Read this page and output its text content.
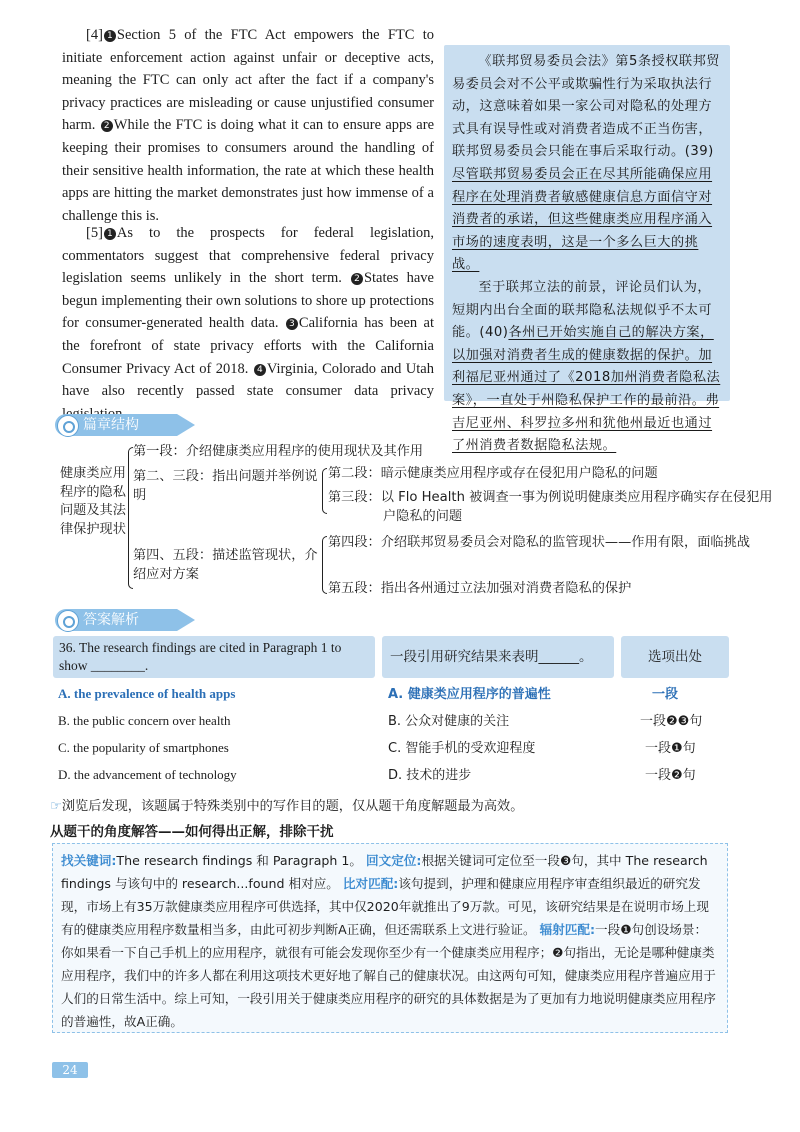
[4] 1 Section 5 of the FTC Act empowers the FTC to initiate enforcement action against unfair or deceptive acts, meaning the FTC can only act after the fact if a company's privacy practices are misleading or cause unjustified consumer harm. 2 While the FTC is doing what it can to ensure apps are keeping their promises to consumers around the handling of their sensitive health information, the rate at which these health apps are hitting the market demonstrates just how immense of a challenge this is.
[5] 1 As to the prospects for federal legislation, commentators suggest that comprehensive federal privacy legislation seems unlikely in the short term. 2 States have begun implementing their own solutions to shore up protections for consumer-generated health data. 3 California has been at the forefront of state privacy efforts with the California Consumer Privacy Act of 2018. 4 Virginia, Colorado and Utah have also recently passed state consumer data privacy

《联邦贸易委员会法》第5条授权联邦贸易委员会对不公平或欺骗性行为采取执法行动，这意味着如果一家公司对隐私的处理方式具有误导性或对消费者造成不正当伤害，联邦贸易委员会只能在事后采取行动。(39)尽管联邦贸易委员会正在尽其所能确保应用程序在处理消费者敏感健康信息方面信守对消费者的承诺，但这些健康类应用程序涌入市场的速度表明，这是一个多么巨大的挑战。

至于联邦立法的前景，评论员们认为，短期内出台全面的联邦隐私法规似乎不太可能。(40)各州已开始实施自己的解决方案，以加强对消费者生成的健康数据的保护。加利福尼亚州通过了《2018加州消费者隐私法案》，一直处于州隐私保护工作的最前沿。弗吉尼亚州、科罗拉多州和犹他州最近也通过了州消费者数据隐私法规。

篇章结构
健康类应用程序的隐私问题及其法律保护现状
第一段：介绍健康类应用程序的使用现状及其作用
第二、三段：指出问题并举例说明
第二段：暗示健康类应用程序或存在侵犯用户隐私的问题
第三段：以 Flo Health 被调查一事为例说明健康类应用程序确实存在侵犯用户隐私的问题
第四、五段：描述监管现状，介绍应对方案
第四段：介绍联邦贸易委员会对隐私的监管现状——作用有限，面临挑战
第五段：指出各州通过立法加强对消费者隐私的保护
答案解析
36. The research findings are cited in Paragraph 1 to show ________.
一段引用研究结果来表明______。	选项出处
A. the prevalence of health apps	A. 健康类应用程序的普遍性	一段
B. the public concern over health	B. 公众对健康的关注	一段❷❸句
C. the popularity of smartphones	C. 智能手机的受欢迎程度	一段❶句
D. the advancement of technology	D. 技术的进步	一段❷句
☞浏览后发现，该题属于特殊类别中的写作目的题，仅从题干角度解题最为高效。
从题干的角度解答——如何得出正解，排除干扰

找关键词:The research findings 和 Paragraph 1。 回文定位:根据关键词可定位至一段❸句，其中 The research findings 与该句中的 research...found 相对应。 比对匹配:该句提到，护理和健康应用程序审查组织最近的研究发现，市场上有35万款健康类应用程序可供选择，其中仅2020年就推出了9万款。可见，该研究结果是在说明市场上现有的健康类应用程序数量相当多，由此可初步判断A正确，但还需联系上文进行验证。 辐射匹配:一段❶句创设场景：你如果看一下自己手机上的应用程序，就很有可能会发现你至少有一个健康类应用程序；❷句指出，无论是哪种健康类应用程序，我们中的许多人都在利用这项技术更好地了解自己的健康状况。由这两句可知，健康类应用程序普遍应用于人们的日常生活中。综上可知，一段引用关于健康类应用程序的研究的具体数据是为了更加有力地说明健康类应用程序的普遍性，故A正确。

24
